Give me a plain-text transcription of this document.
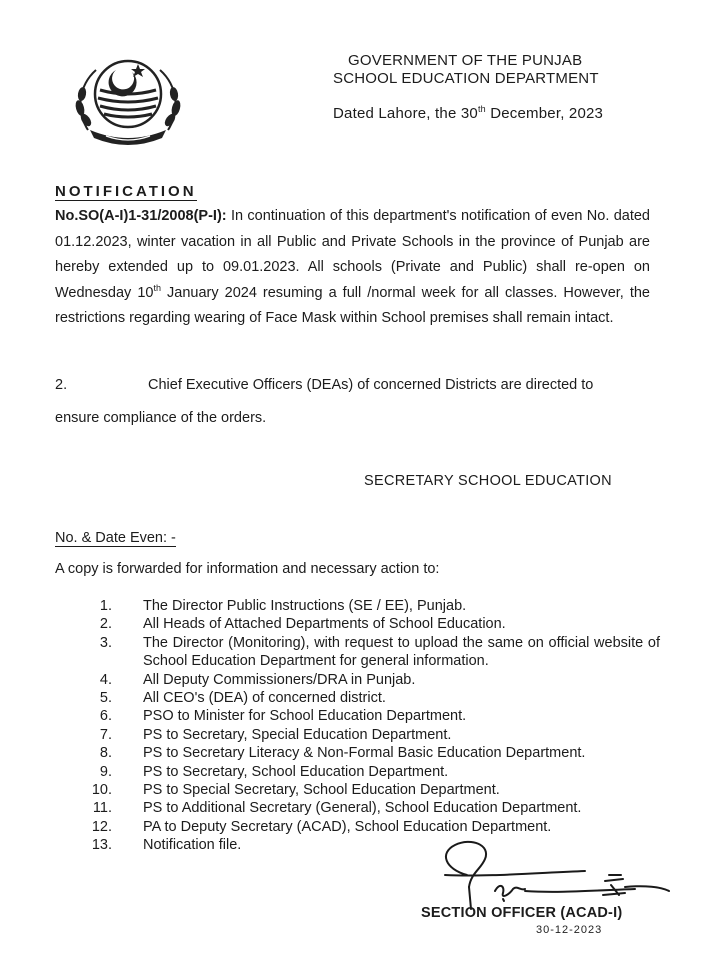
GOVERNMENT OF THE PUNJAB
SCHOOL EDUCATION DEPARTMENT
Dated Lahore, the 30th December, 2023
NOTIFICATION
No.SO(A-I)1-31/2008(P-I): In continuation of this department's notification of even No. dated 01.12.2023, winter vacation in all Public and Private Schools in the province of Punjab are hereby extended up to 09.01.2023. All schools (Private and Public) shall re-open on Wednesday 10th January 2024 resuming a full /normal week for all classes. However, the restrictions regarding wearing of Face Mask within School premises shall remain intact.
2.	Chief Executive Officers (DEAs) of concerned Districts are directed to
ensure compliance of the orders.
SECRETARY SCHOOL EDUCATION
No. & Date Even: -
A copy is forwarded for information and necessary action to:
1. The Director Public Instructions (SE / EE), Punjab.
2. All Heads of Attached Departments of School Education.
3. The Director (Monitoring), with request to upload the same on official website of School Education Department for general information.
4. All Deputy Commissioners/DRA in Punjab.
5. All CEO's (DEA) of concerned district.
6. PSO to Minister for School Education Department.
7. PS to Secretary, Special Education Department.
8. PS to Secretary Literacy & Non-Formal Basic Education Department.
9. PS to Secretary, School Education Department.
10. PS to Special Secretary, School Education Department.
11. PS to Additional Secretary (General), School Education Department.
12. PA to Deputy Secretary (ACAD), School Education Department.
13. Notification file.
SECTION OFFICER (ACAD-I)
30-12-2023
